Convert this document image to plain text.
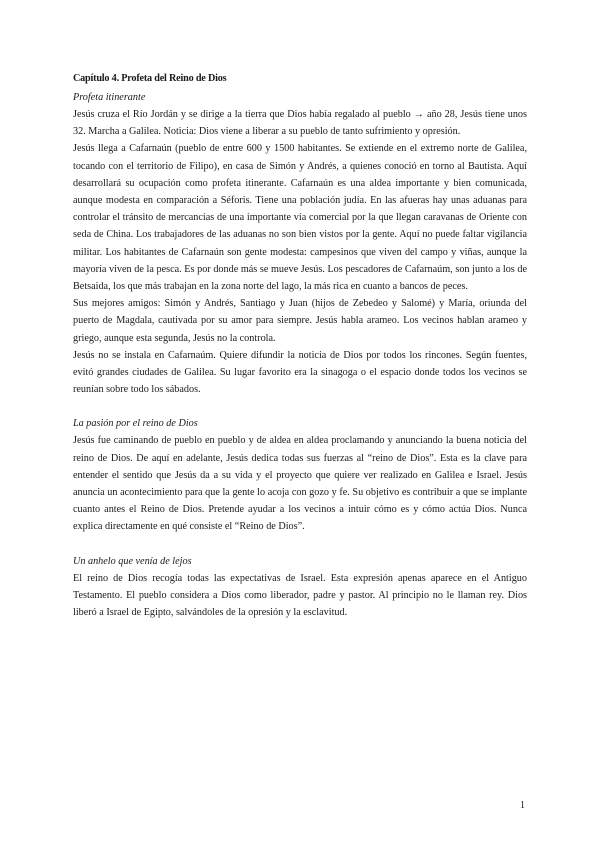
Capítulo 4. Profeta del Reino de Dios

Profeta itinerante

Jesús cruza el Río Jordán y se dirige a la tierra que Dios había regalado al pueblo → año 28, Jesús tiene unos 32. Marcha a Galilea. Noticia: Dios viene a liberar a su pueblo de tanto sufrimiento y opresión.

Jesús llega a Cafarnaún (pueblo de entre 600 y 1500 habitantes. Se extiende en el extremo norte de Galilea, tocando con el territorio de Filipo), en casa de Simón y Andrés, a quienes conoció en torno al Bautista. Aquí desarrollará su ocupación como profeta itinerante. Cafarnaún es una aldea importante y bien comunicada, aunque modesta en comparación a Séforis. Tiene una población judía. En las afueras hay unas aduanas para controlar el tránsito de mercancías de una importante vía comercial por la que llegan caravanas de Oriente con seda de China. Los trabajadores de las aduanas no son bien vistos por la gente. Aquí no puede faltar vigilancia militar. Los habitantes de Cafarnaún son gente modesta: campesinos que viven del campo y viñas, aunque la mayoría viven de la pesca. Es por donde más se mueve Jesús. Los pescadores de Cafarnaúm, son junto a los de Betsaida, los que más trabajan en la zona norte del lago, la más rica en cuanto a bancos de peces.

Sus mejores amigos: Simón y Andrés, Santiago y Juan (hijos de Zebedeo y Salomé) y María, oriunda del puerto de Magdala, cautivada por su amor para siempre. Jesús habla arameo. Los vecinos hablan arameo y griego, aunque esta segunda, Jesús no la controla.

Jesús no se instala en Cafarnaúm. Quiere difundir la noticia de Dios por todos los rincones. Según fuentes, evitó grandes ciudades de Galilea. Su lugar favorito era la sinagoga o el espacio donde todos los vecinos se reunían sobre todo los sábados.

La pasión por el reino de Dios

Jesús fue caminando de pueblo en pueblo y de aldea en aldea proclamando y anunciando la buena noticia del reino de Dios. De aquí en adelante, Jesús dedica todas sus fuerzas al “reino de Dios”. Esta es la clave para entender el sentido que Jesús da a su vida y el proyecto que quiere ver realizado en Galilea e Israel. Jesús anuncia un acontecimiento para que la gente lo acoja con gozo y fe. Su objetivo es contribuir a que se implante cuanto antes el Reino de Dios. Pretende ayudar a los vecinos a intuir cómo es y cómo actúa Dios. Nunca explica directamente en qué consiste el “Reino de Dios”.

Un anhelo que venía de lejos

El reino de Dios recogía todas las expectativas de Israel. Esta expresión apenas aparece en el Antiguo Testamento. El pueblo considera a Dios como liberador, padre y pastor. Al principio no le llaman rey. Dios liberó a Israel de Egipto, salvándoles de la opresión y la esclavitud.

1
